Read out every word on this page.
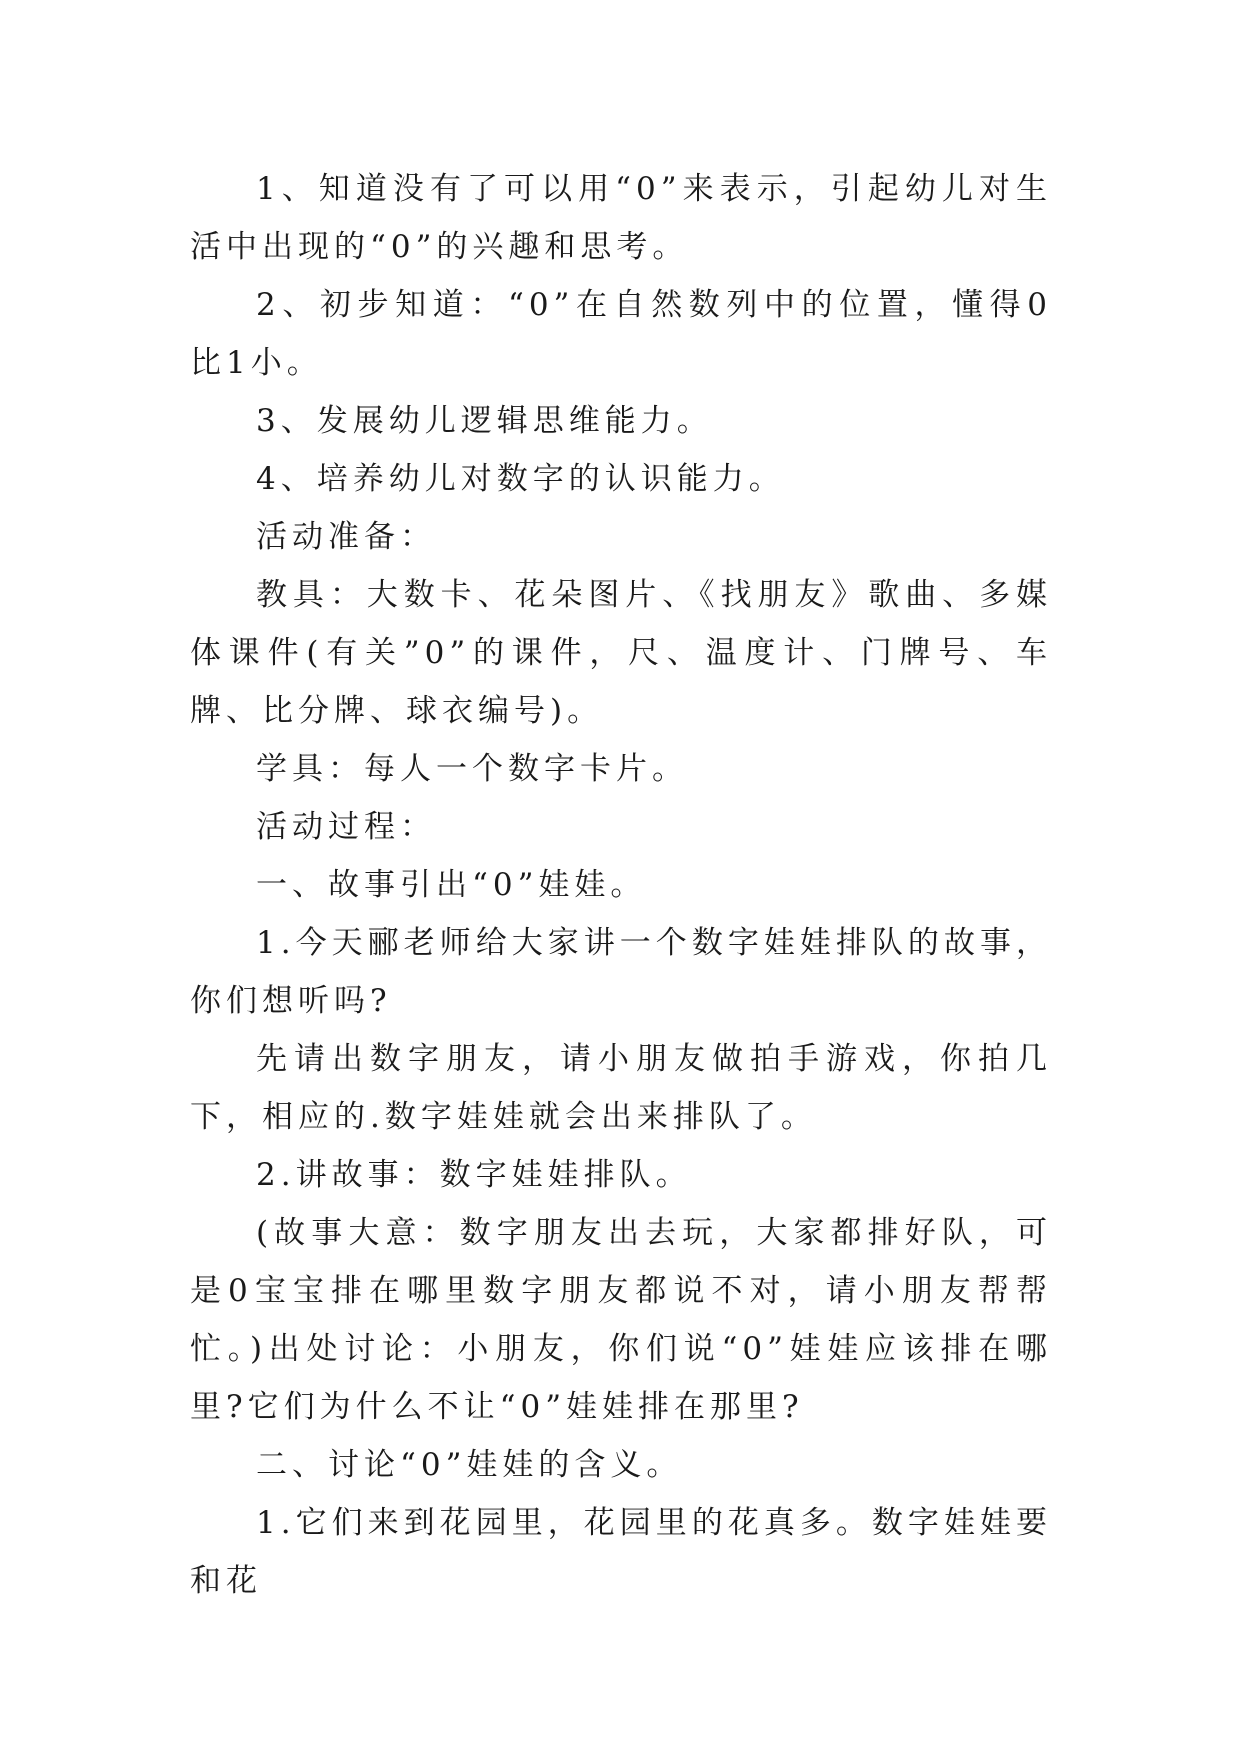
1、知道没有了可以用“0”来表示，引起幼儿对生活中出现的“0”的兴趣和思考。

2、初步知道：“0”在自然数列中的位置，懂得0比1小。

3、发展幼儿逻辑思维能力。

4、培养幼儿对数字的认识能力。

活动准备：

教具：大数卡、花朵图片、《找朋友》歌曲、多媒体课件(有关”0”的课件，尺、温度计、门牌号、车牌、比分牌、球衣编号)。

学具：每人一个数字卡片。

活动过程：

一、故事引出“0”娃娃。

1.今天郦老师给大家讲一个数字娃娃排队的故事，你们想听吗?

先请出数字朋友，请小朋友做拍手游戏，你拍几下，相应的.数字娃娃就会出来排队了。

2.讲故事：数字娃娃排队。

(故事大意：数字朋友出去玩，大家都排好队，可是0宝宝排在哪里数字朋友都说不对，请小朋友帮帮忙。)出处讨论：小朋友，你们说“0”娃娃应该排在哪里?它们为什么不让“0”娃娃排在那里?

二、讨论“0”娃娃的含义。

1.它们来到花园里，花园里的花真多。数字娃娃要和花
